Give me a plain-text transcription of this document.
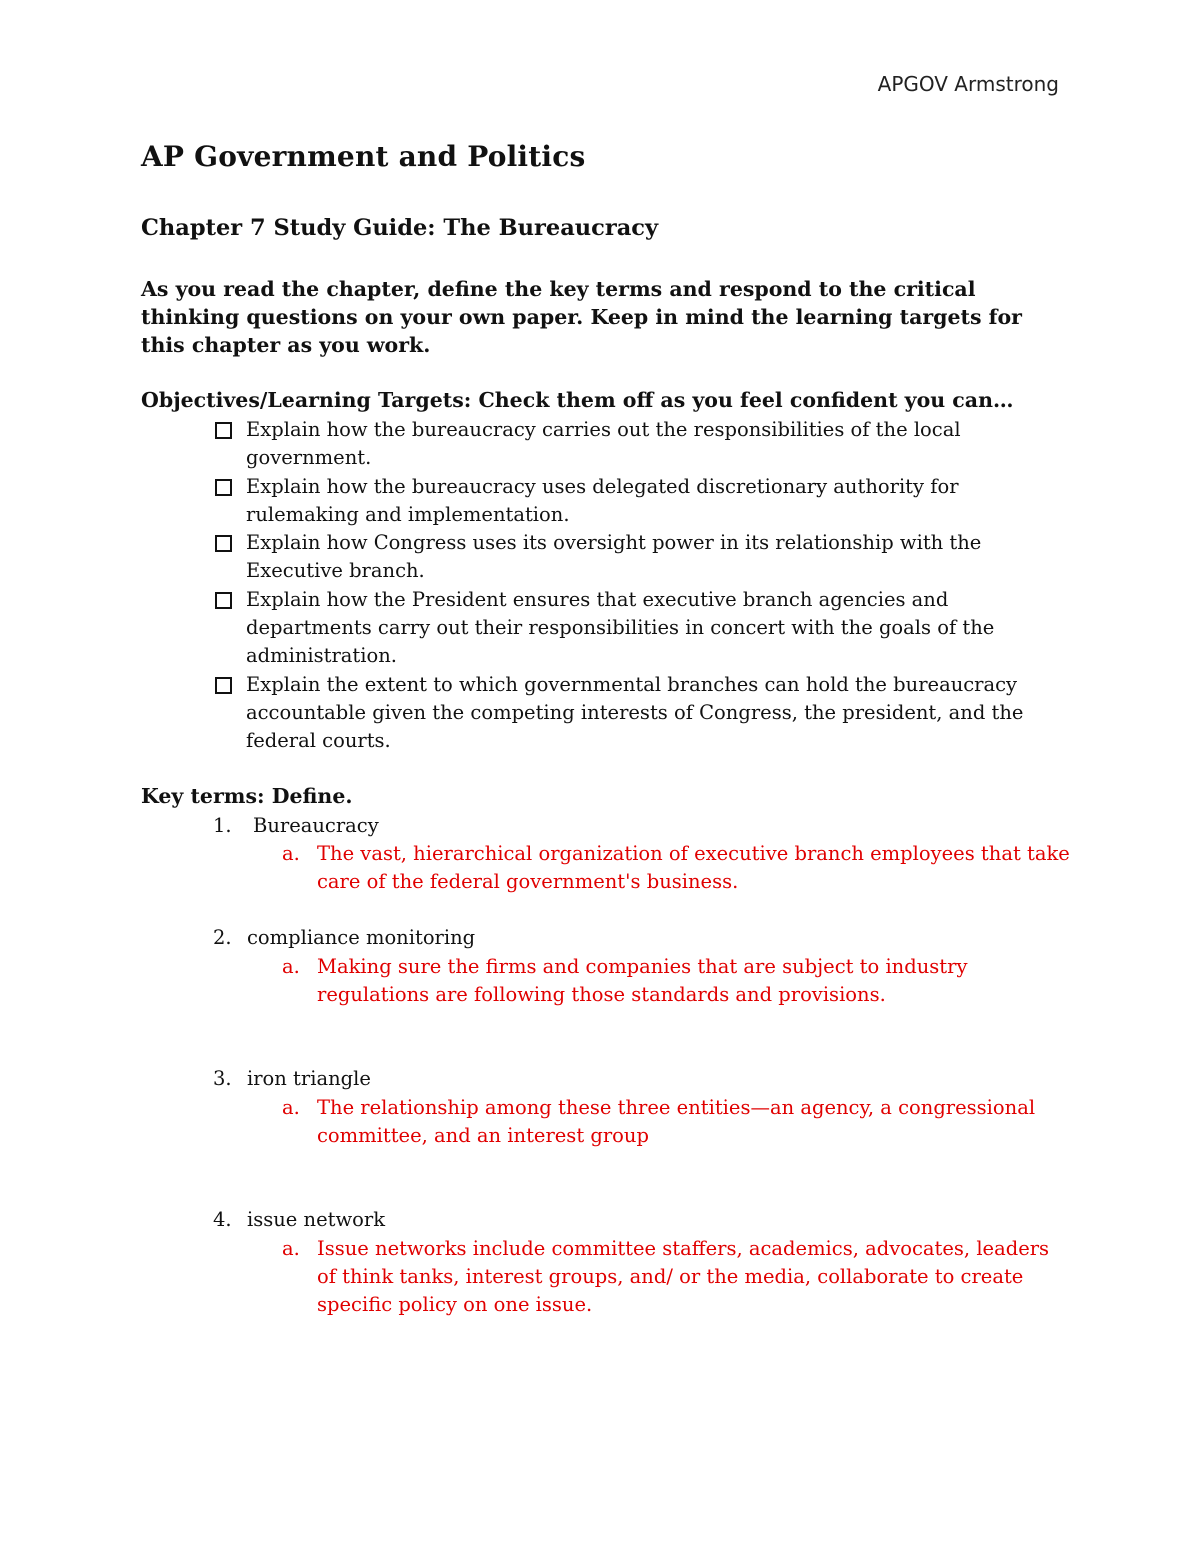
APGOV Armstrong
AP Government and Politics
Chapter 7 Study Guide: The Bureaucracy
As you read the chapter, define the key terms and respond to the critical thinking questions on your own paper. Keep in mind the learning targets for this chapter as you work.
Objectives/Learning Targets: Check them off as you feel confident you can…
Explain how the bureaucracy carries out the responsibilities of the local government.
Explain how the bureaucracy uses delegated discretionary authority for rulemaking and implementation.
Explain how Congress uses its oversight power in its relationship with the Executive branch.
Explain how the President ensures that executive branch agencies and departments carry out their responsibilities in concert with the goals of the administration.
Explain the extent to which governmental branches can hold the bureaucracy accountable given the competing interests of Congress, the president, and the federal courts.
Key terms: Define.
1. Bureaucracy
a. The vast, hierarchical organization of executive branch employees that take care of the federal government's business.
2. compliance monitoring
a. Making sure the firms and companies that are subject to industry regulations are following those standards and provisions.
3. iron triangle
a. The relationship among these three entities—an agency, a congressional committee, and an interest group
4. issue network
a. Issue networks include committee staffers, academics, advocates, leaders of think tanks, interest groups, and/ or the media, collaborate to create specific policy on one issue.
